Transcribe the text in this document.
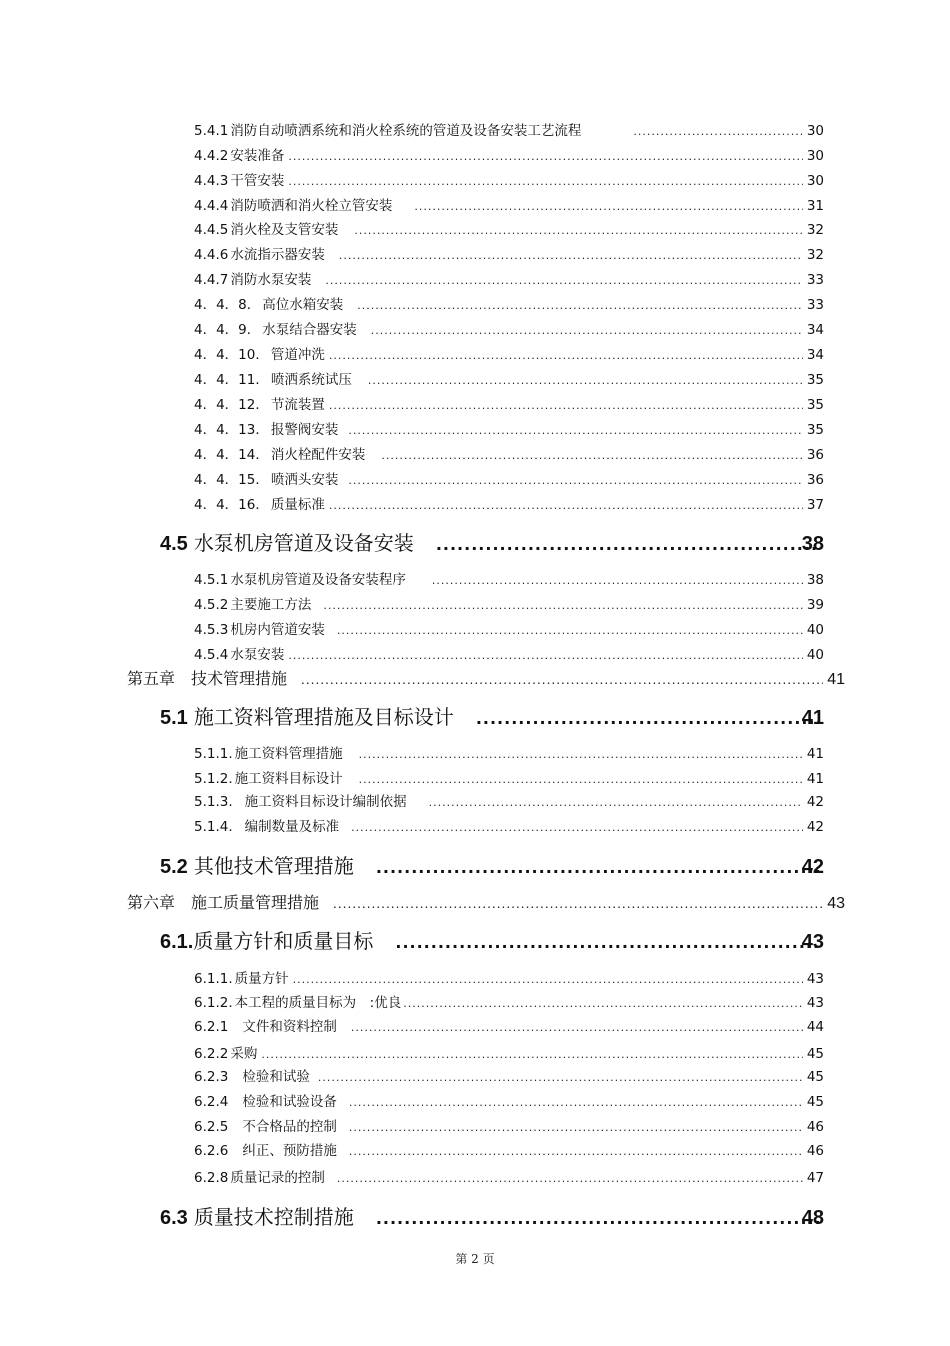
5.4.1 消防自动喷洒系统和消火栓系统的管道及设备安装工艺流程 .....	30
4.4.2 安装准备 .....	30
4.4.3 干管安装 .....	30
4.4.4 消防喷洒和消火栓立管安装 .....	31
4.4.5 消火栓及支管安装 .....	32
4.4.6 水流指示器安装 .....	32
4.4.7 消防水泵安装 .....	33
4．4．8． 高位水箱安装 .....	33
4．4．9． 水泵结合器安装 .....	34
4．4．10． 管道冲洗 .....	34
4．4．11． 喷洒系统试压 .....	35
4．4．12． 节流装置 .....	35
4．4．13． 报警阀安装 .....	35
4．4．14． 消火栓配件安装 .....	36
4．4．15． 喷洒头安装 .....	36
4．4．16． 质量标准 .....	37
4.5 水泵机房管道及设备安装 .....	38
4.5.1 水泵机房管道及设备安装程序 .....	38
4.5.2 主要施工方法 .....	39
4.5.3 机房内管道安装 .....	40
4.5.4 水泵安装 .....	40
第五章 技术管理措施 .....	41
5.1 施工资料管理措施及目标设计 .....	41
5.1.1. 施工资料管理措施 .....	41
5.1.2. 施工资料目标设计 .....	41
5.1.3. 施工资料目标设计编制依据 .....	42
5.1.4. 编制数量及标准 .....	42
5.2 其他技术管理措施 .....	42
第六章 施工质量管理措施 .....	43
6.1. 质量方针和质量目标 .....	43
6.1.1. 质量方针 .....	43
6.1.2. 本工程的质量目标为　:优良 .....	43
6.2.1 文件和资料控制 .....	44
6.2.2 采购 .....	45
6.2.3 检验和试验 .....	45
6.2.4 检验和试验设备 .....	45
6.2.5 不合格品的控制 .....	46
6.2.6 纠正、预防措施 .....	46
6.2.8 质量记录的控制 .....	47
6.3 质量技术控制措施 .....	48
第 2 页
